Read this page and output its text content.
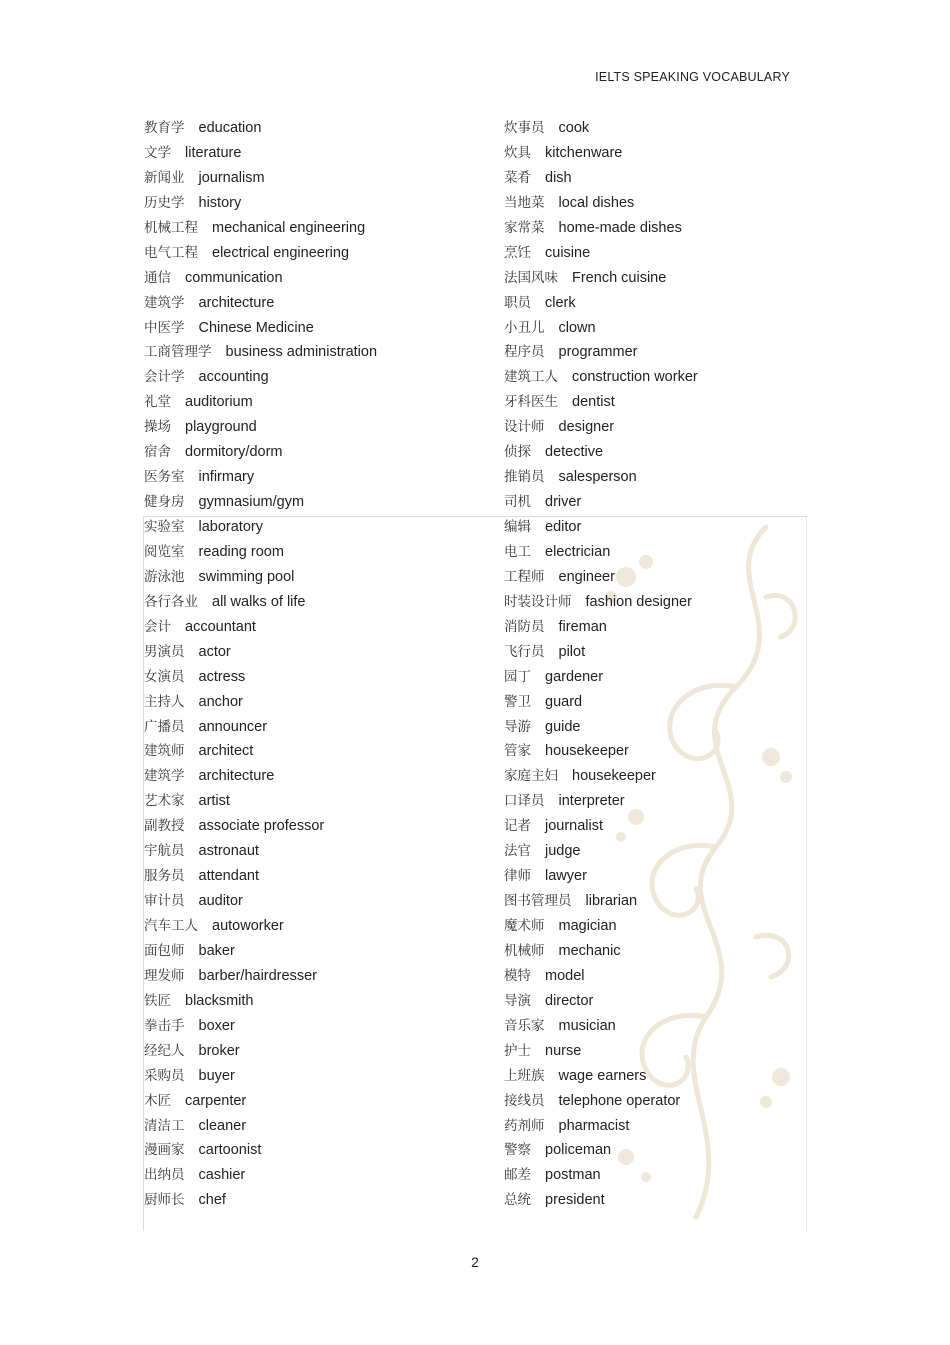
IELTS SPEAKING VOCABULARY
教育学 education
文学 literature
新闻业 journalism
历史学 history
机械工程 mechanical engineering
电气工程 electrical engineering
通信 communication
建筑学 architecture
中医学 Chinese Medicine
工商管理学 business administration
会计学 accounting
礼堂 auditorium
操场 playground
宿舍 dormitory/dorm
医务室 infirmary
健身房 gymnasium/gym
实验室 laboratory
阅览室 reading room
游泳池 swimming pool
各行各业 all walks of life
会计 accountant
男演员 actor
女演员 actress
主持人 anchor
广播员 announcer
建筑师 architect
建筑学 architecture
艺术家 artist
副教授 associate professor
宇航员 astronaut
服务员 attendant
审计员 auditor
汽车工人 autoworker
面包师 baker
理发师 barber/hairdresser
铁匠 blacksmith
拳击手 boxer
经纪人 broker
采购员 buyer
木匠 carpenter
清洁工 cleaner
漫画家 cartoonist
出纳员 cashier
厨师长 chef
炊事员 cook
炊具 kitchenware
菜肴 dish
当地菜 local dishes
家常菜 home-made dishes
烹饪 cuisine
法国风味 French cuisine
职员 clerk
小丑儿 clown
程序员 programmer
建筑工人 construction worker
牙科医生 dentist
设计师 designer
侦探 detective
推销员 salesperson
司机 driver
编辑 editor
电工 electrician
工程师 engineer
时装设计师 fashion designer
消防员 fireman
飞行员 pilot
园丁 gardener
警卫 guard
导游 guide
管家 housekeeper
家庭主妇 housekeeper
口译员 interpreter
记者 journalist
法官 judge
律师 lawyer
图书管理员 librarian
魔术师 magician
机械师 mechanic
模特 model
导演 director
音乐家 musician
护士 nurse
上班族 wage earners
接线员 telephone operator
药剂师 pharmacist
警察 policeman
邮差 postman
总统 president
2
